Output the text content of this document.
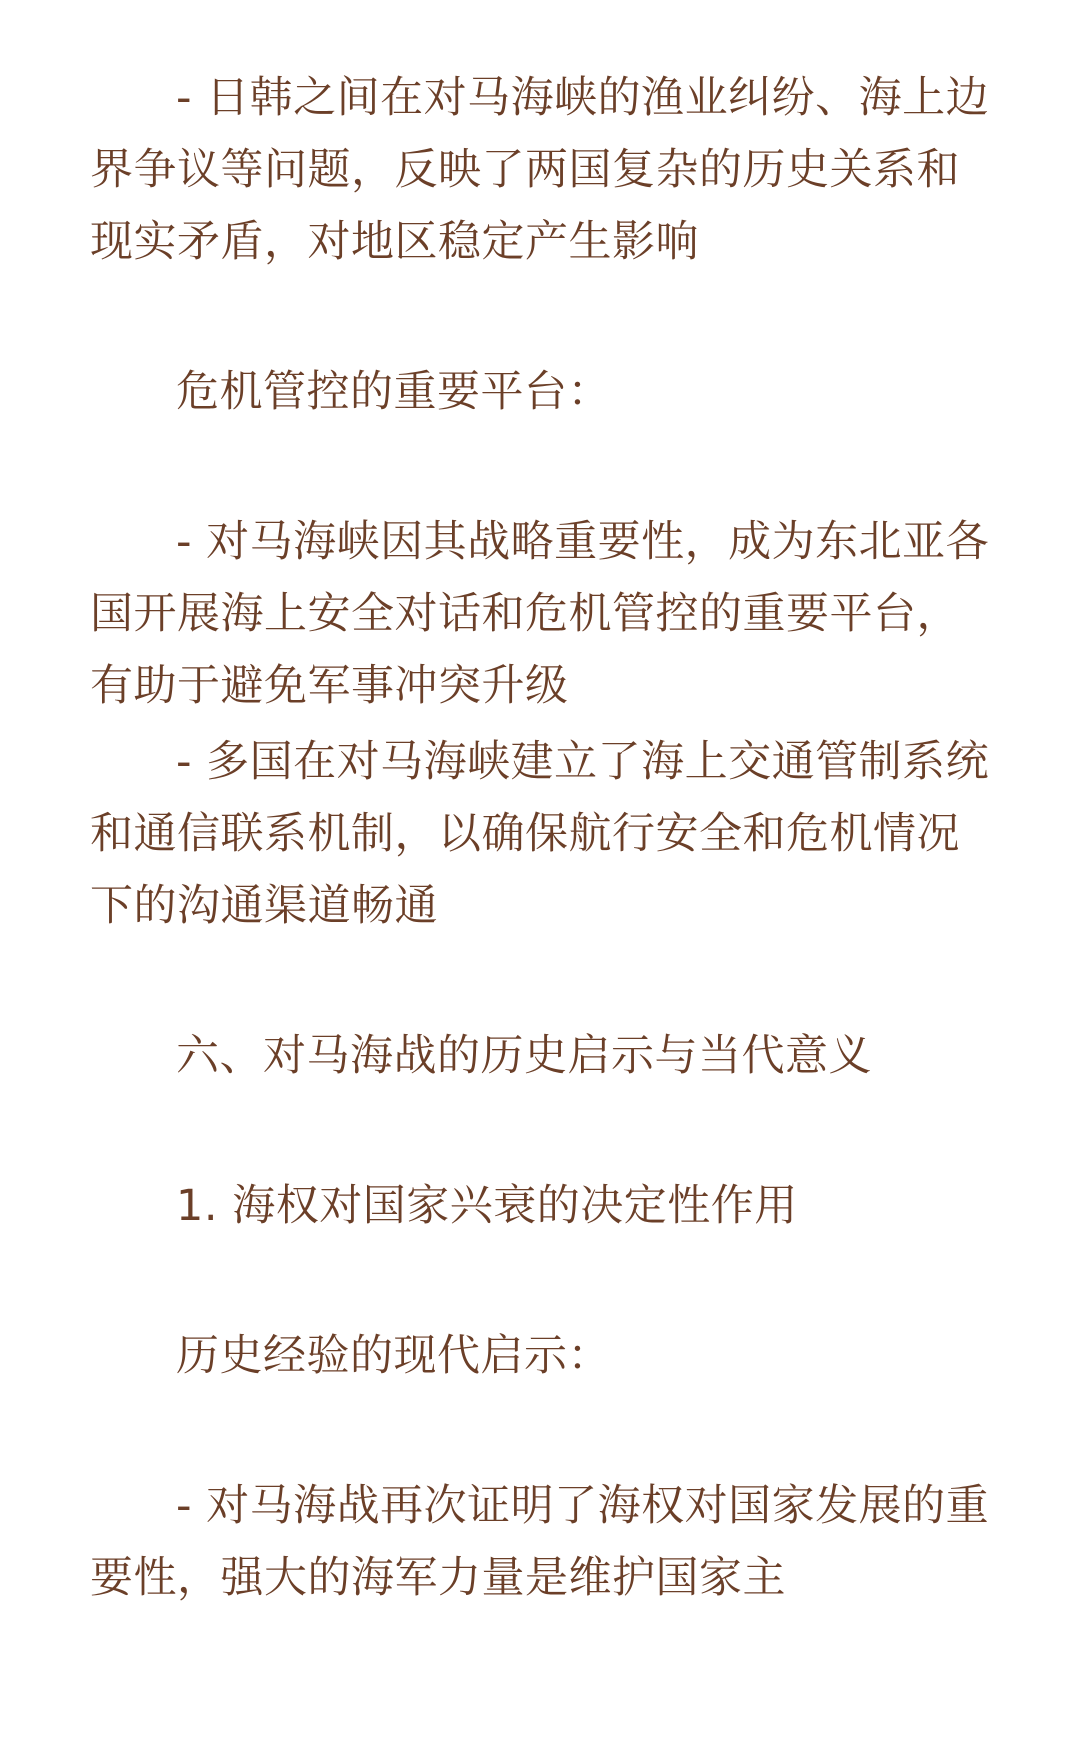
- 日韩之间在对马海峡的渔业纠纷、海上边界争议等问题，反映了两国复杂的历史关系和现实矛盾，对地区稳定产生影响

危机管控的重要平台：

- 对马海峡因其战略重要性，成为东北亚各国开展海上安全对话和危机管控的重要平台，有助于避免军事冲突升级

- 多国在对马海峡建立了海上交通管制系统和通信联系机制，以确保航行安全和危机情况下的沟通渠道畅通

六、对马海战的历史启示与当代意义

1. 海权对国家兴衰的决定性作用

历史经验的现代启示：

- 对马海战再次证明了海权对国家发展的重要性，强大的海军力量是维护国家主
